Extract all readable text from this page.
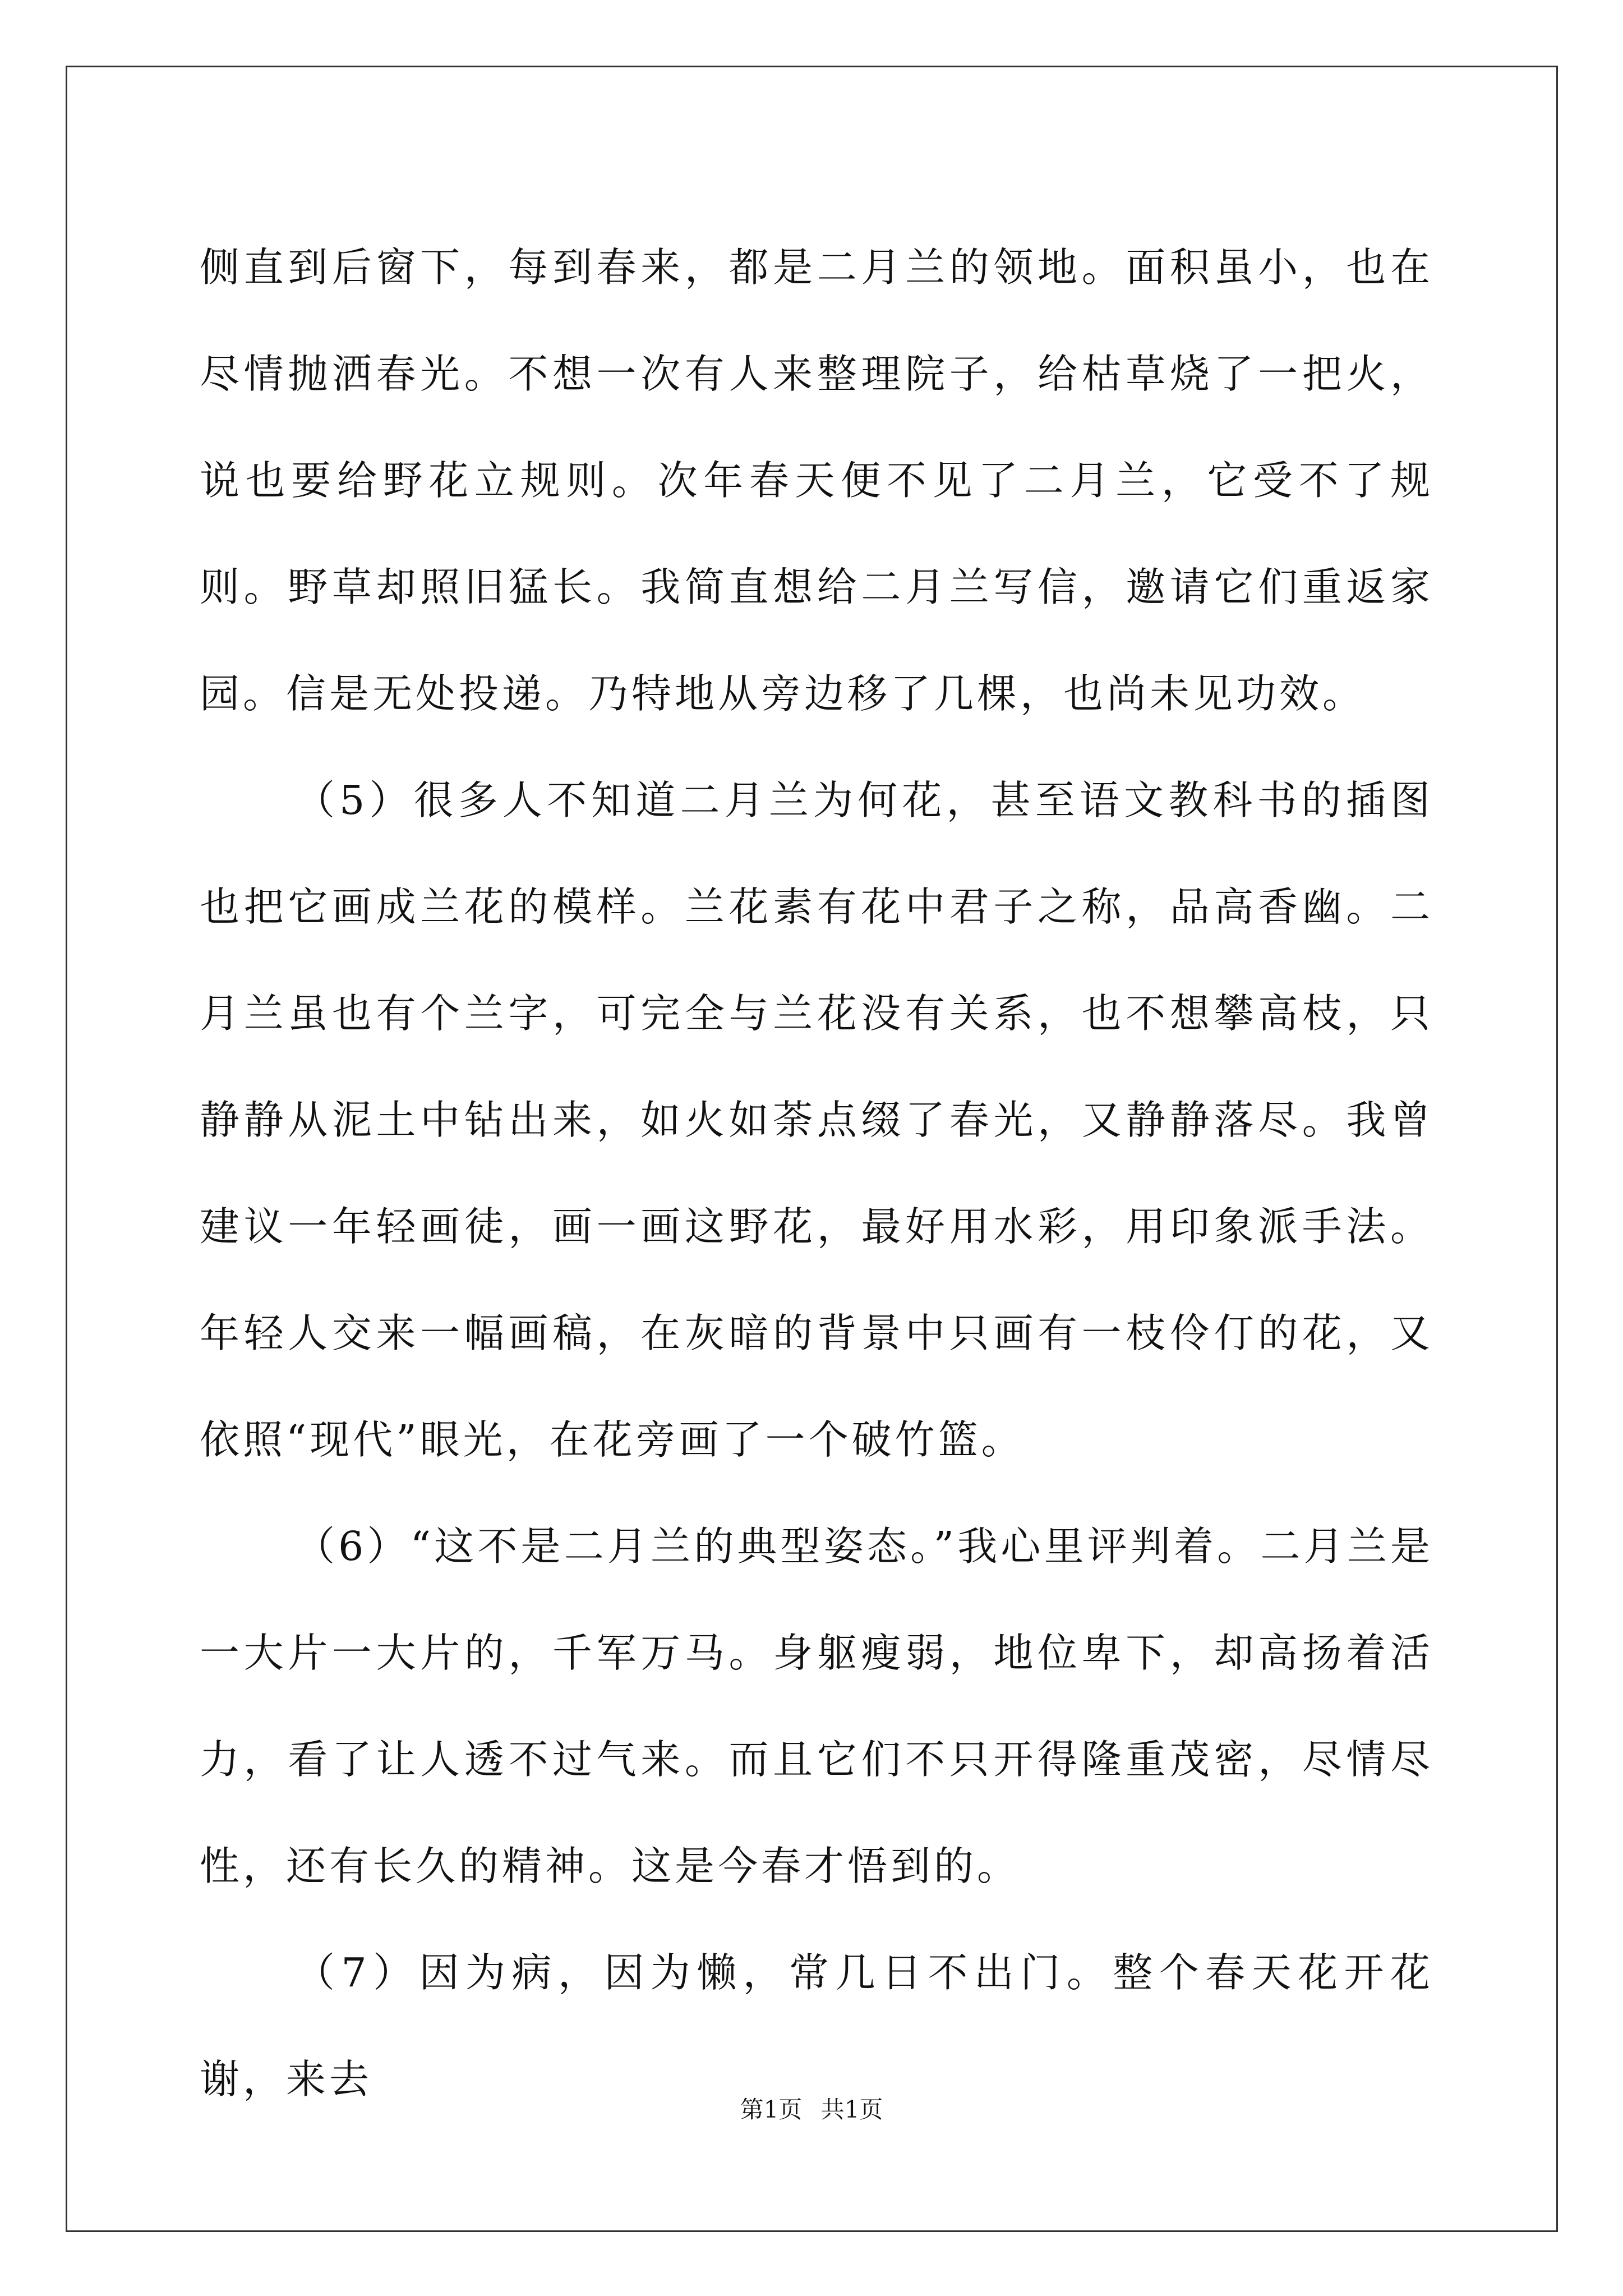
侧直到后窗下，每到春来，都是二月兰的领地。面积虽小，也在尽情抛洒春光。不想一次有人来整理院子，给枯草烧了一把火，说也要给野花立规则。次年春天便不见了二月兰，它受不了规则。野草却照旧猛长。我简直想给二月兰写信，邀请它们重返家园。信是无处投递。乃特地从旁边移了几棵，也尚未见功效。

（5）很多人不知道二月兰为何花，甚至语文教科书的插图也把它画成兰花的模样。兰花素有花中君子之称，品高香幽。二月兰虽也有个兰字，可完全与兰花没有关系，也不想攀高枝，只静静从泥土中钻出来，如火如荼点缀了春光，又静静落尽。我曾建议一年轻画徒，画一画这野花，最好用水彩，用印象派手法。年轻人交来一幅画稿，在灰暗的背景中只画有一枝伶仃的花，又依照“现代”眼光，在花旁画了一个破竹篮。

（6）“这不是二月兰的典型姿态。”我心里评判着。二月兰是一大片一大片的，千军万马。身躯瘦弱，地位卑下，却高扬着活力，看了让人透不过气来。而且它们不只开得隆重茂密，尽情尽性，还有长久的精神。这是今春才悟到的。

（7）因为病，因为懒，常几日不出门。整个春天花开花谢，来去

第1页 共1页
